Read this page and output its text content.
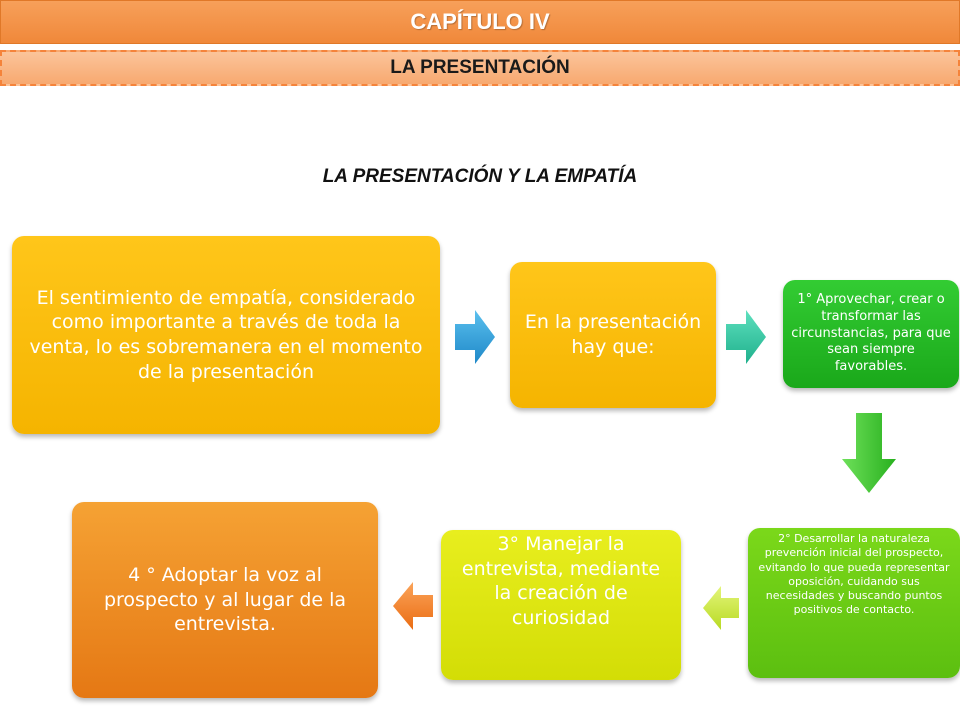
CAPÍTULO IV
LA PRESENTACIÓN
LA PRESENTACIÓN Y LA EMPATÍA
El sentimiento de empatía, considerado como importante a través de toda la venta, lo es sobremanera en el momento de la presentación
En la presentación hay que:
1° Aprovechar, crear o transformar las circunstancias, para que sean siempre favorables.
2° Desarrollar la naturaleza prevención inicial del prospecto, evitando lo que pueda representar oposición, cuidando sus necesidades y buscando puntos positivos de contacto.
3° Manejar la entrevista, mediante la creación de curiosidad
4 ° Adoptar la voz al prospecto y al lugar de la entrevista.
